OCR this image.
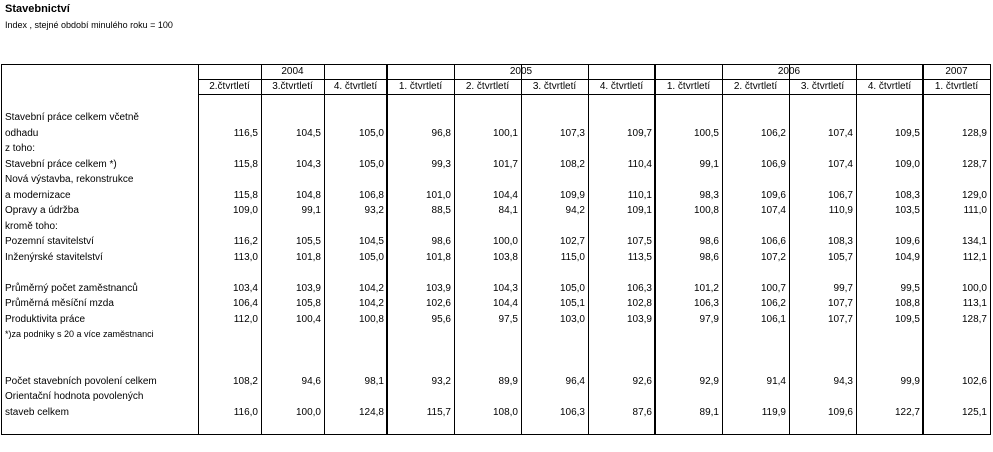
Stavebnictví
Index , stejné období minulého roku = 100
2004	2005	2006	2007
2.čtvrtletí	3.čtvrtletí	4. čtvrtletí	1. čtvrtletí	2. čtvrtletí	3. čtvrtletí	4. čtvrtletí	1. čtvrtletí	2. čtvrtletí	3. čtvrtletí	4. čtvrtletí	1. čtvrtletí
Stavební práce celkem včetně
odhadu	116,5	104,5	105,0	96,8	100,1	107,3	109,7	100,5	106,2	107,4	109,5	128,9
z toho:
Stavební práce celkem *)	115,8	104,3	105,0	99,3	101,7	108,2	110,4	99,1	106,9	107,4	109,0	128,7
Nová výstavba, rekonstrukce
a modernizace	115,8	104,8	106,8	101,0	104,4	109,9	110,1	98,3	109,6	106,7	108,3	129,0
Opravy a údržba	109,0	99,1	93,2	88,5	84,1	94,2	109,1	100,8	107,4	110,9	103,5	111,0
kromě toho:
Pozemní stavitelství	116,2	105,5	104,5	98,6	100,0	102,7	107,5	98,6	106,6	108,3	109,6	134,1
Inženýrské stavitelství	113,0	101,8	105,0	101,8	103,8	115,0	113,5	98,6	107,2	105,7	104,9	112,1
Průměrný počet zaměstnanců	103,4	103,9	104,2	103,9	104,3	105,0	106,3	101,2	100,7	99,7	99,5	100,0
Průměrná měsíční mzda	106,4	105,8	104,2	102,6	104,4	105,1	102,8	106,3	106,2	107,7	108,8	113,1
Produktivita práce	112,0	100,4	100,8	95,6	97,5	103,0	103,9	97,9	106,1	107,7	109,5	128,7
*)za podniky s 20 a více zaměstnanci
Počet stavebních povolení celkem	108,2	94,6	98,1	93,2	89,9	96,4	92,6	92,9	91,4	94,3	99,9	102,6
Orientační hodnota povolených
staveb celkem	116,0	100,0	124,8	115,7	108,0	106,3	87,6	89,1	119,9	109,6	122,7	125,1
